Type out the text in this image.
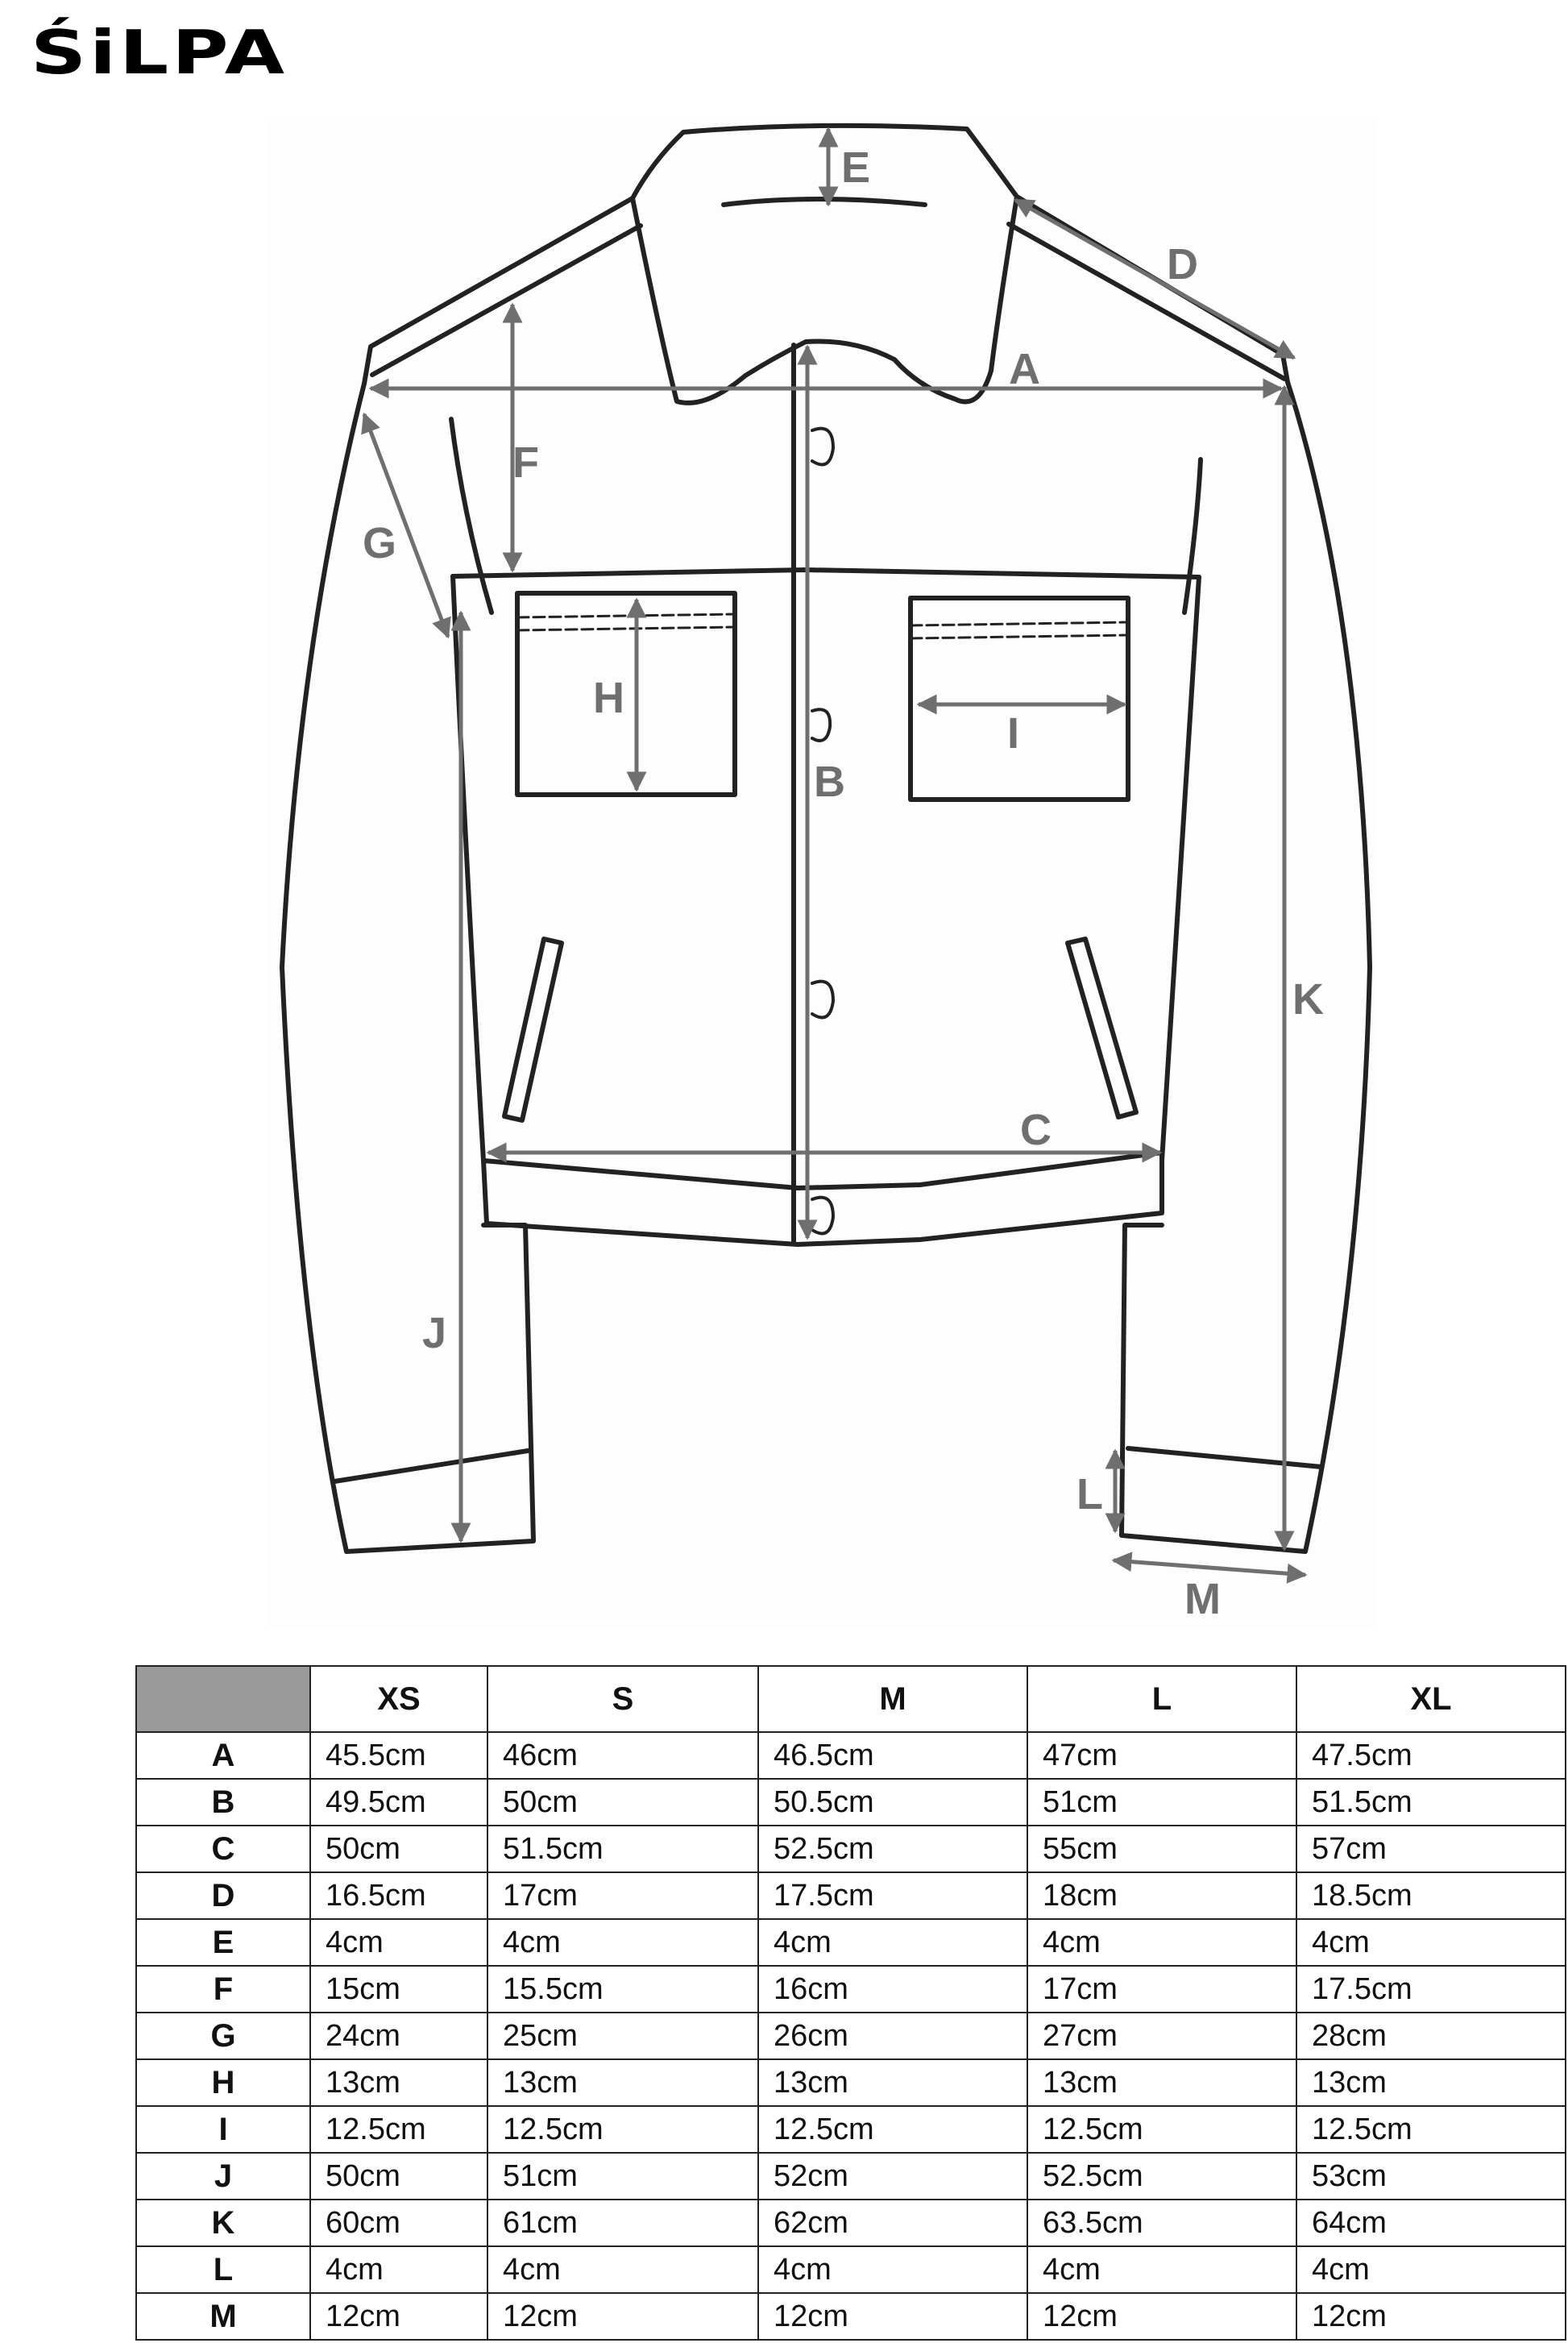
ŚiLPA
A
B
C
D
E
F
G
H
I
J
K
L
M
	XS	S	M	L	XL
A	45.5cm	46cm	46.5cm	47cm	47.5cm
B	49.5cm	50cm	50.5cm	51cm	51.5cm
C	50cm	51.5cm	52.5cm	55cm	57cm
D	16.5cm	17cm	17.5cm	18cm	18.5cm
E	4cm	4cm	4cm	4cm	4cm
F	15cm	15.5cm	16cm	17cm	17.5cm
G	24cm	25cm	26cm	27cm	28cm
H	13cm	13cm	13cm	13cm	13cm
I	12.5cm	12.5cm	12.5cm	12.5cm	12.5cm
J	50cm	51cm	52cm	52.5cm	53cm
K	60cm	61cm	62cm	63.5cm	64cm
L	4cm	4cm	4cm	4cm	4cm
M	12cm	12cm	12cm	12cm	12cm
